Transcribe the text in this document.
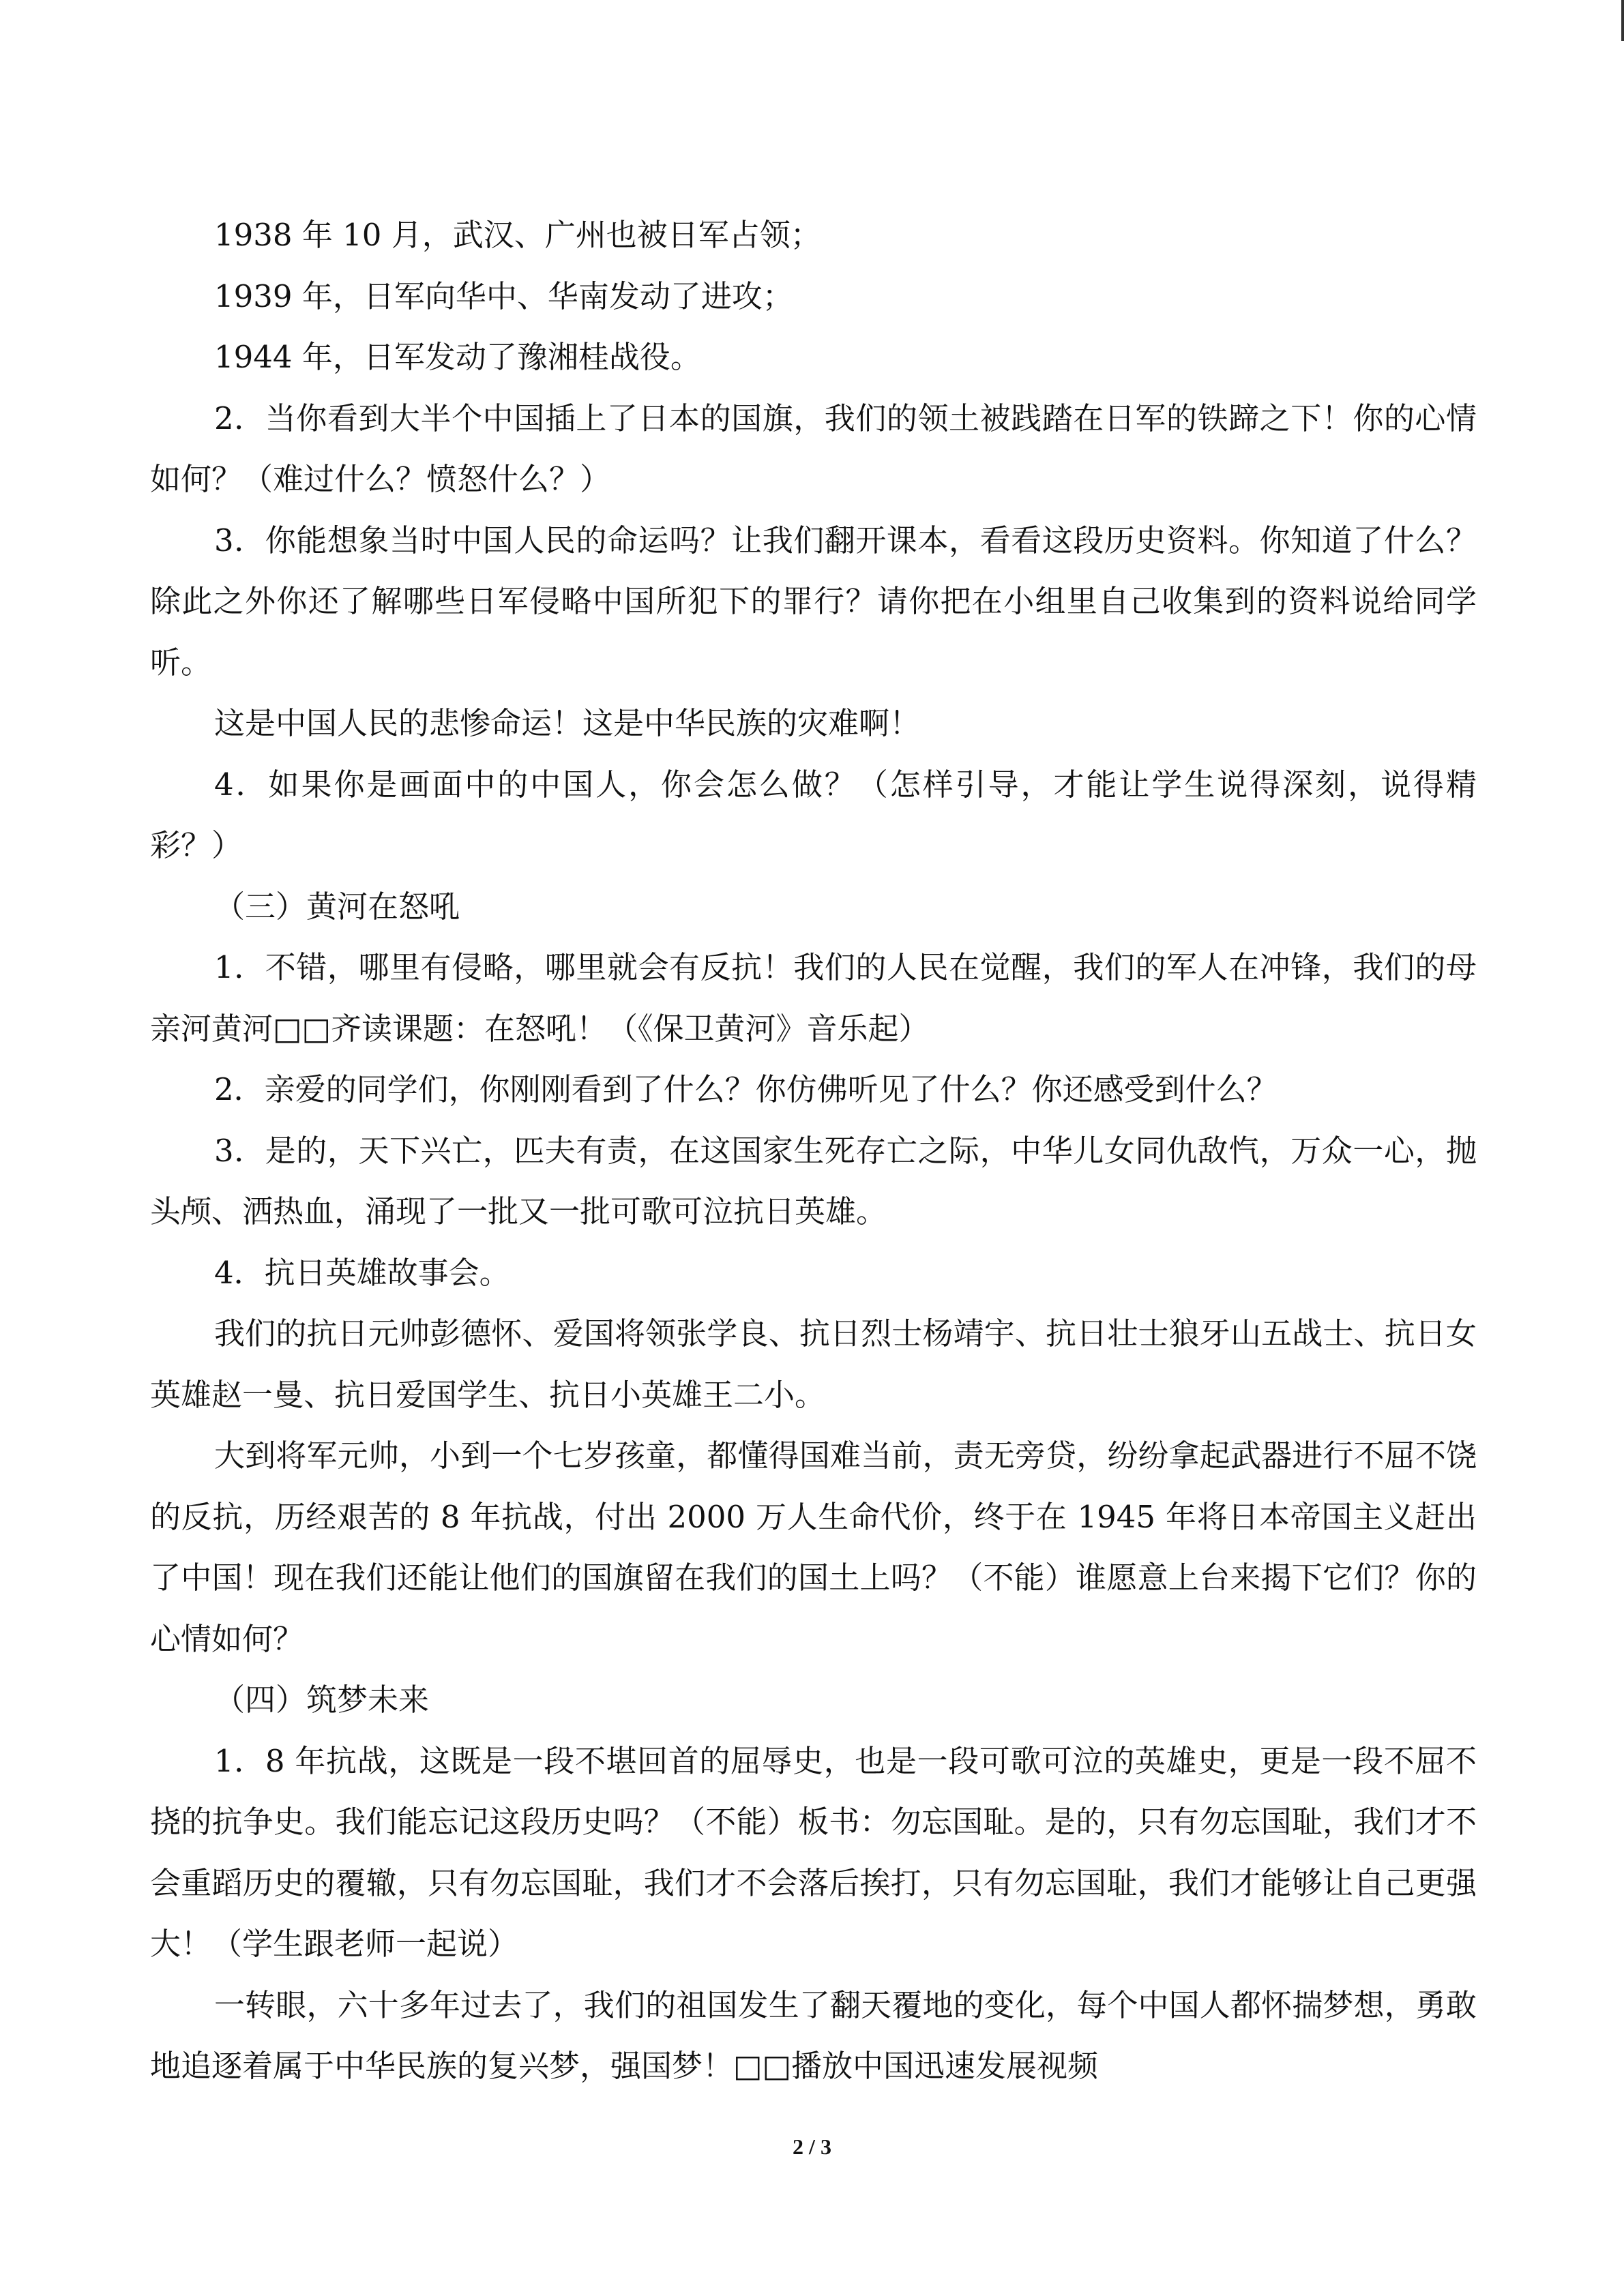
1938 年 10 月，武汉、广州也被日军占领；

1939 年，日军向华中、华南发动了进攻；

1944 年，日军发动了豫湘桂战役。

2．当你看到大半个中国插上了日本的国旗，我们的领土被践踏在日军的铁蹄之下！你的心情如何？（难过什么？愤怒什么？）

3．你能想象当时中国人民的命运吗？让我们翻开课本，看看这段历史资料。你知道了什么？除此之外你还了解哪些日军侵略中国所犯下的罪行？请你把在小组里自己收集到的资料说给同学听。

这是中国人民的悲惨命运！这是中华民族的灾难啊！

4．如果你是画面中的中国人，你会怎么做？（怎样引导，才能让学生说得深刻，说得精彩？）

（三）黄河在怒吼

1．不错，哪里有侵略，哪里就会有反抗！我们的人民在觉醒，我们的军人在冲锋，我们的母亲河黄河□□齐读课题：在怒吼！（《保卫黄河》音乐起）

2．亲爱的同学们，你刚刚看到了什么？你仿佛听见了什么？你还感受到什么？

3．是的，天下兴亡，匹夫有责，在这国家生死存亡之际，中华儿女同仇敌忾，万众一心，抛头颅、洒热血，涌现了一批又一批可歌可泣抗日英雄。

4．抗日英雄故事会。

我们的抗日元帅彭德怀、爱国将领张学良、抗日烈士杨靖宇、抗日壮士狼牙山五战士、抗日女英雄赵一曼、抗日爱国学生、抗日小英雄王二小。

大到将军元帅，小到一个七岁孩童，都懂得国难当前，责无旁贷，纷纷拿起武器进行不屈不饶的反抗，历经艰苦的 8 年抗战，付出 2000 万人生命代价，终于在 1945 年将日本帝国主义赶出了中国！现在我们还能让他们的国旗留在我们的国土上吗？（不能）谁愿意上台来揭下它们？你的心情如何？

（四）筑梦未来

1．8 年抗战，这既是一段不堪回首的屈辱史，也是一段可歌可泣的英雄史，更是一段不屈不挠的抗争史。我们能忘记这段历史吗？（不能）板书：勿忘国耻。是的，只有勿忘国耻，我们才不会重蹈历史的覆辙，只有勿忘国耻，我们才不会落后挨打，只有勿忘国耻，我们才能够让自己更强大！（学生跟老师一起说）

一转眼，六十多年过去了，我们的祖国发生了翻天覆地的变化，每个中国人都怀揣梦想，勇敢地追逐着属于中华民族的复兴梦，强国梦！□□播放中国迅速发展视频

2 / 3
